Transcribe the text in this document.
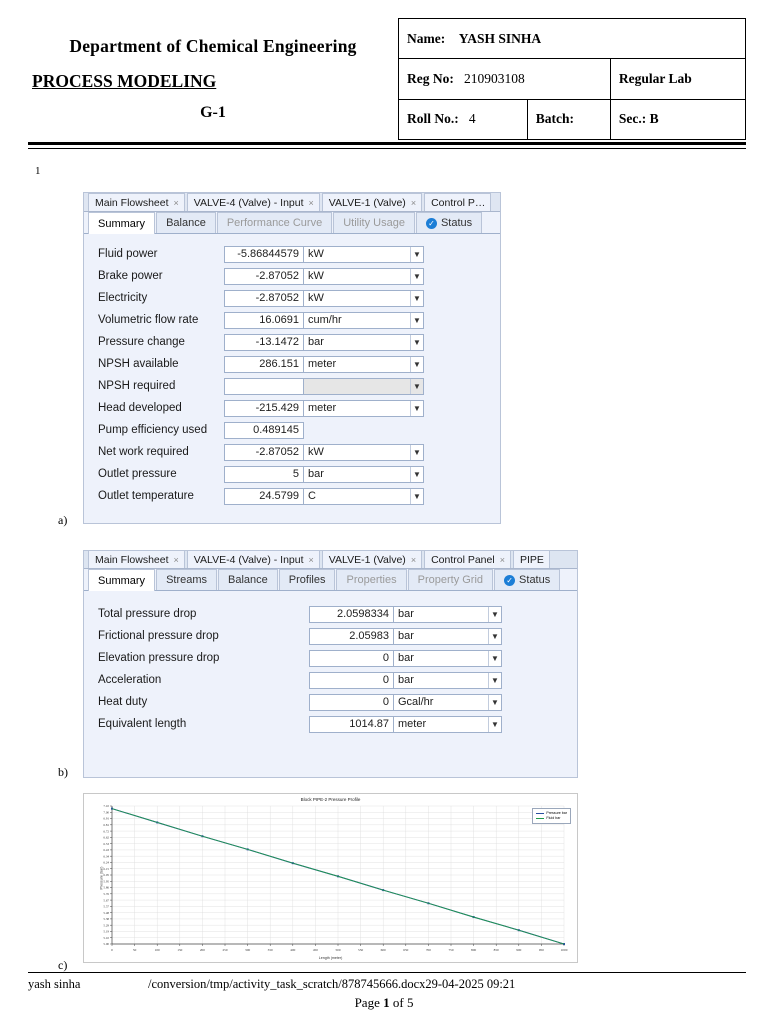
Department of Chemical Engineering
PROCESS MODELING
G-1
Name: YASH SINHA		
Reg No: 210903108		Regular Lab
Roll No.: 4	Batch:	Sec.: B
1
Main Flowsheet × VALVE-4 (Valve) - Input × VALVE-1 (Valve) × Control P…
Summary Balance Performance Curve Utility Usage	✓ Status
Fluid power	-5.86844579 kW	▼
Brake power	-2.87052 kW	▼
Electricity	-2.87052 kW	▼
Volumetric flow rate	16.0691 cum/hr	▼
Pressure change	-13.1472 bar	▼
NPSH available	286.151 meter	▼
NPSH required	▼
Head developed	-215.429 meter	▼
Pump efficiency used	0.489145
Net work required	-2.87052 kW	▼
Outlet pressure	5 bar	▼
Outlet temperature	24.5799 C	▼
a)
Main Flowsheet × VALVE-4 (Valve) - Input × VALVE-1 (Valve) × Control Panel × PIPE
Summary Streams Balance Profiles Properties Property Grid	✓ Status
Total pressure drop	2.0598334 bar	▼
Frictional pressure drop	2.05983 bar	▼
Elevation pressure drop	0 bar	▼
Acceleration	0 bar	▼
Heat duty	0 Gcal/hr	▼
Equivalent length	1014.87 meter	▼
b)
Block PIPE-2 Pressure Profile
Pressure (bar)
Length (meter)
Pressure bar
Fluid bar
0	50	100	150	200	250	300	350	400	450	500	550	600	650	700	750	800	850	900	950	1000
5.00
5.10
5.19
5.29
5.38
5.48
5.57
5.67
5.76
5.86
5.95
6.05
6.15
6.24
6.34
6.43
6.53
6.62
6.72
6.81
6.91
7.00
7.10
c)
yash sinha	/conversion/tmp/activity_task_scratch/878745666.docx29-04-2025 09:21
Page 1 of 5
